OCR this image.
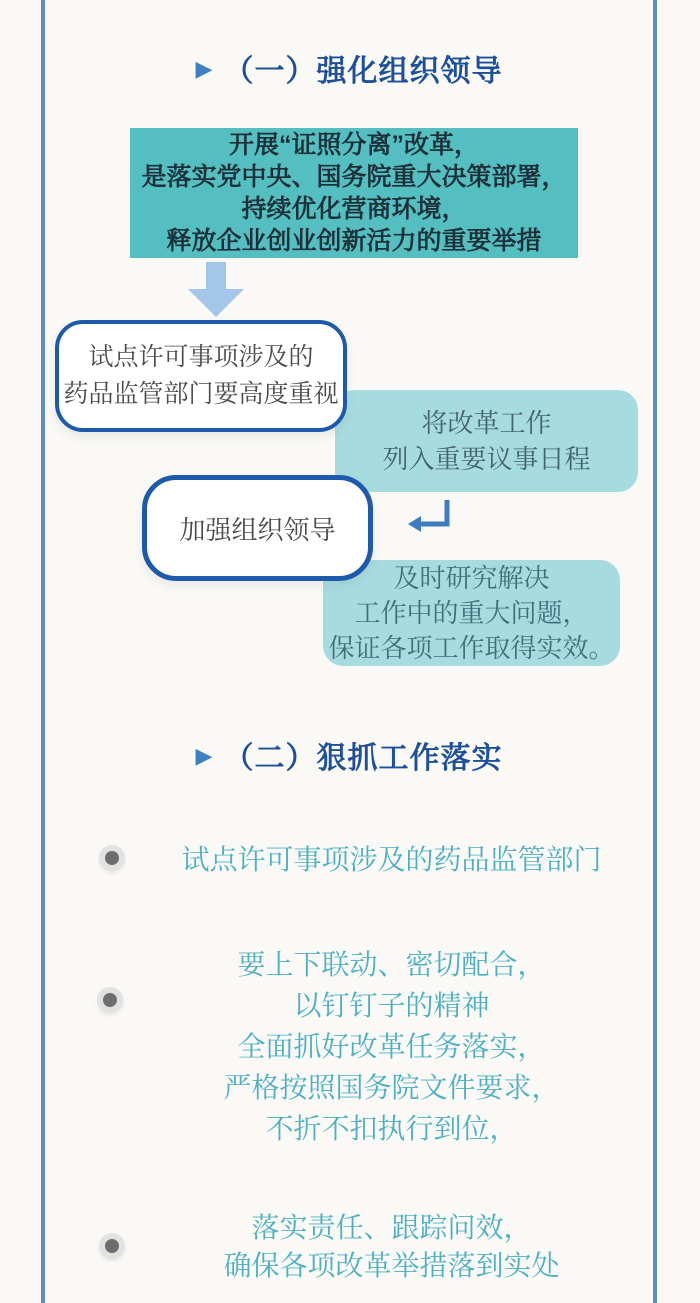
▶ （一）强化组织领导
开展“证照分离”改革，
是落实党中央、国务院重大决策部署，
持续优化营商环境，
释放企业创业创新活力的重要举措
将改革工作
列入重要议事日程
及时研究解决
工作中的重大问题，
保证各项工作取得实效。
试点许可事项涉及的
药品监管部门要高度重视
加强组织领导
▶ （二）狠抓工作落实
试点许可事项涉及的药品监管部门
要上下联动、密切配合，
以钉钉子的精神
全面抓好改革任务落实，
严格按照国务院文件要求，
不折不扣执行到位，
落实责任、跟踪问效，
确保各项改革举措落到实处
